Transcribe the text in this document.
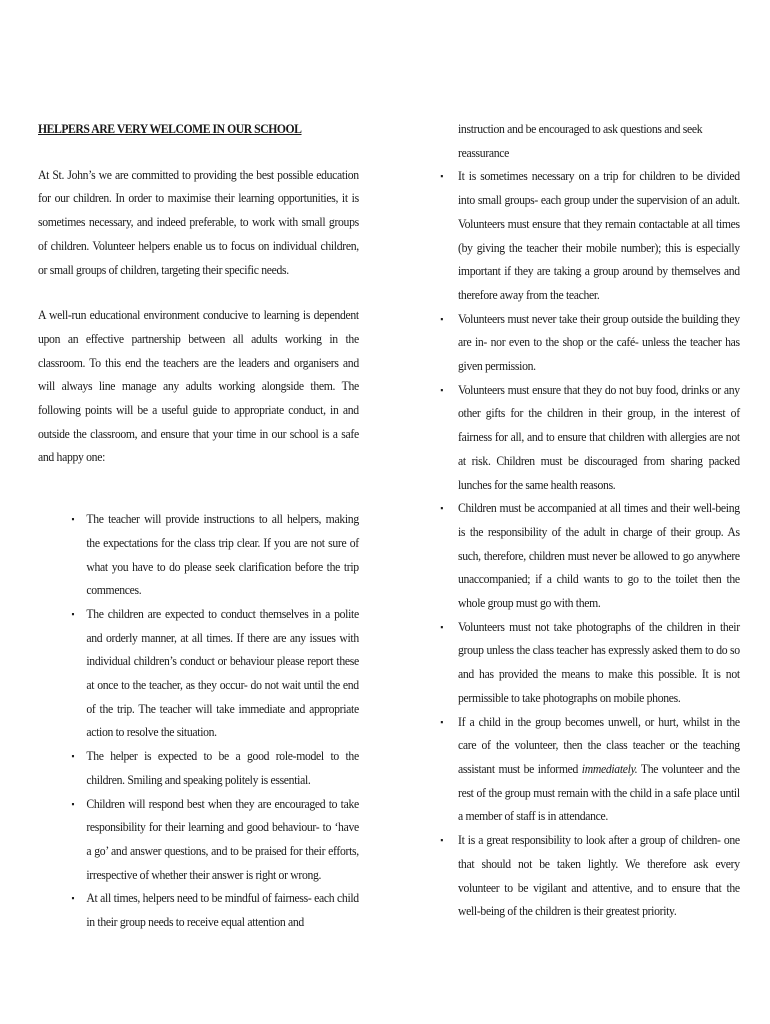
HELPERS ARE VERY WELCOME IN OUR SCHOOL

At St. John’s we are committed to providing the best possible education for our children. In order to maximise their learning opportunities, it is sometimes necessary, and indeed preferable, to work with small groups of children. Volunteer helpers enable us to focus on individual children, or small groups of children, targeting their specific needs.

A well-run educational environment conducive to learning is dependent upon an effective partnership between all adults working in the classroom. To this end the teachers are the leaders and organisers and will always line manage any adults working alongside them. The following points will be a useful guide to appropriate conduct, in and outside the classroom, and ensure that your time in our school is a safe and happy one:

▪ The teacher will provide instructions to all helpers, making the expectations for the class trip clear. If you are not sure of what you have to do please seek clarification before the trip commences.
▪ The children are expected to conduct themselves in a polite and orderly manner, at all times. If there are any issues with individual children’s conduct or behaviour please report these at once to the teacher, as they occur- do not wait until the end of the trip. The teacher will take immediate and appropriate action to resolve the situation.
▪ The helper is expected to be a good role-model to the children. Smiling and speaking politely is essential.
▪ Children will respond best when they are encouraged to take responsibility for their learning and good behaviour- to ‘have a go’ and answer questions, and to be praised for their efforts, irrespective of whether their answer is right or wrong.
▪ At all times, helpers need to be mindful of fairness- each child in their group needs to receive equal attention and

instruction and be encouraged to ask questions and seek reassurance

▪ It is sometimes necessary on a trip for children to be divided into small groups- each group under the supervision of an adult. Volunteers must ensure that they remain contactable at all times (by giving the teacher their mobile number); this is especially important if they are taking a group around by themselves and therefore away from the teacher.
▪ Volunteers must never take their group outside the building they are in- nor even to the shop or the café- unless the teacher has given permission.
▪ Volunteers must ensure that they do not buy food, drinks or any other gifts for the children in their group, in the interest of fairness for all, and to ensure that children with allergies are not at risk. Children must be discouraged from sharing packed lunches for the same health reasons.
▪ Children must be accompanied at all times and their well-being is the responsibility of the adult in charge of their group. As such, therefore, children must never be allowed to go anywhere unaccompanied; if a child wants to go to the toilet then the whole group must go with them.
▪ Volunteers must not take photographs of the children in their group unless the class teacher has expressly asked them to do so and has provided the means to make this possible. It is not permissible to take photographs on mobile phones.
▪ If a child in the group becomes unwell, or hurt, whilst in the care of the volunteer, then the class teacher or the teaching assistant must be informed immediately. The volunteer and the rest of the group must remain with the child in a safe place until a member of staff is in attendance.
▪ It is a great responsibility to look after a group of children- one that should not be taken lightly. We therefore ask every volunteer to be vigilant and attentive, and to ensure that the well-being of the children is their greatest priority.
